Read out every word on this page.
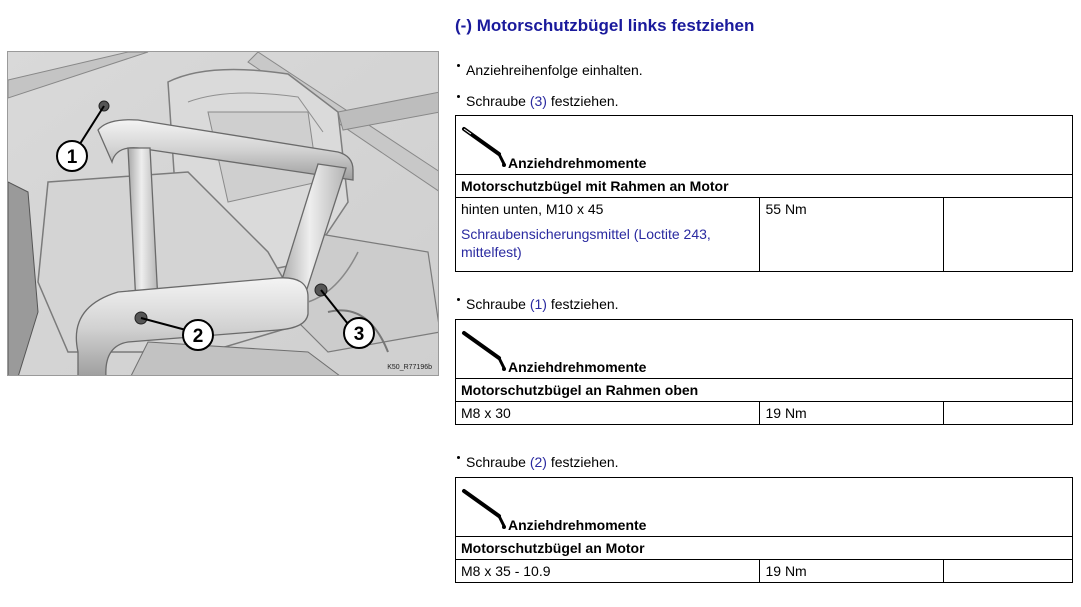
1
2	3
K50_R77196b
(-) Motorschutzbügel links festziehen
Anziehreihenfolge einhalten.
Schraube (3) festziehen.
Anziehdrehmomente
Motorschutzbügel mit Rahmen an Motor
hinten unten, M10 x 45
Schraubensicherungsmittel (Loctite 243, mittelfest)
	55 Nm	
Schraube (1) festziehen.
Anziehdrehmomente
Motorschutzbügel an Rahmen oben
M8 x 30	19 Nm	
Schraube (2) festziehen.
Anziehdrehmomente
Motorschutzbügel an Motor
M8 x 35 - 10.9	19 Nm	
